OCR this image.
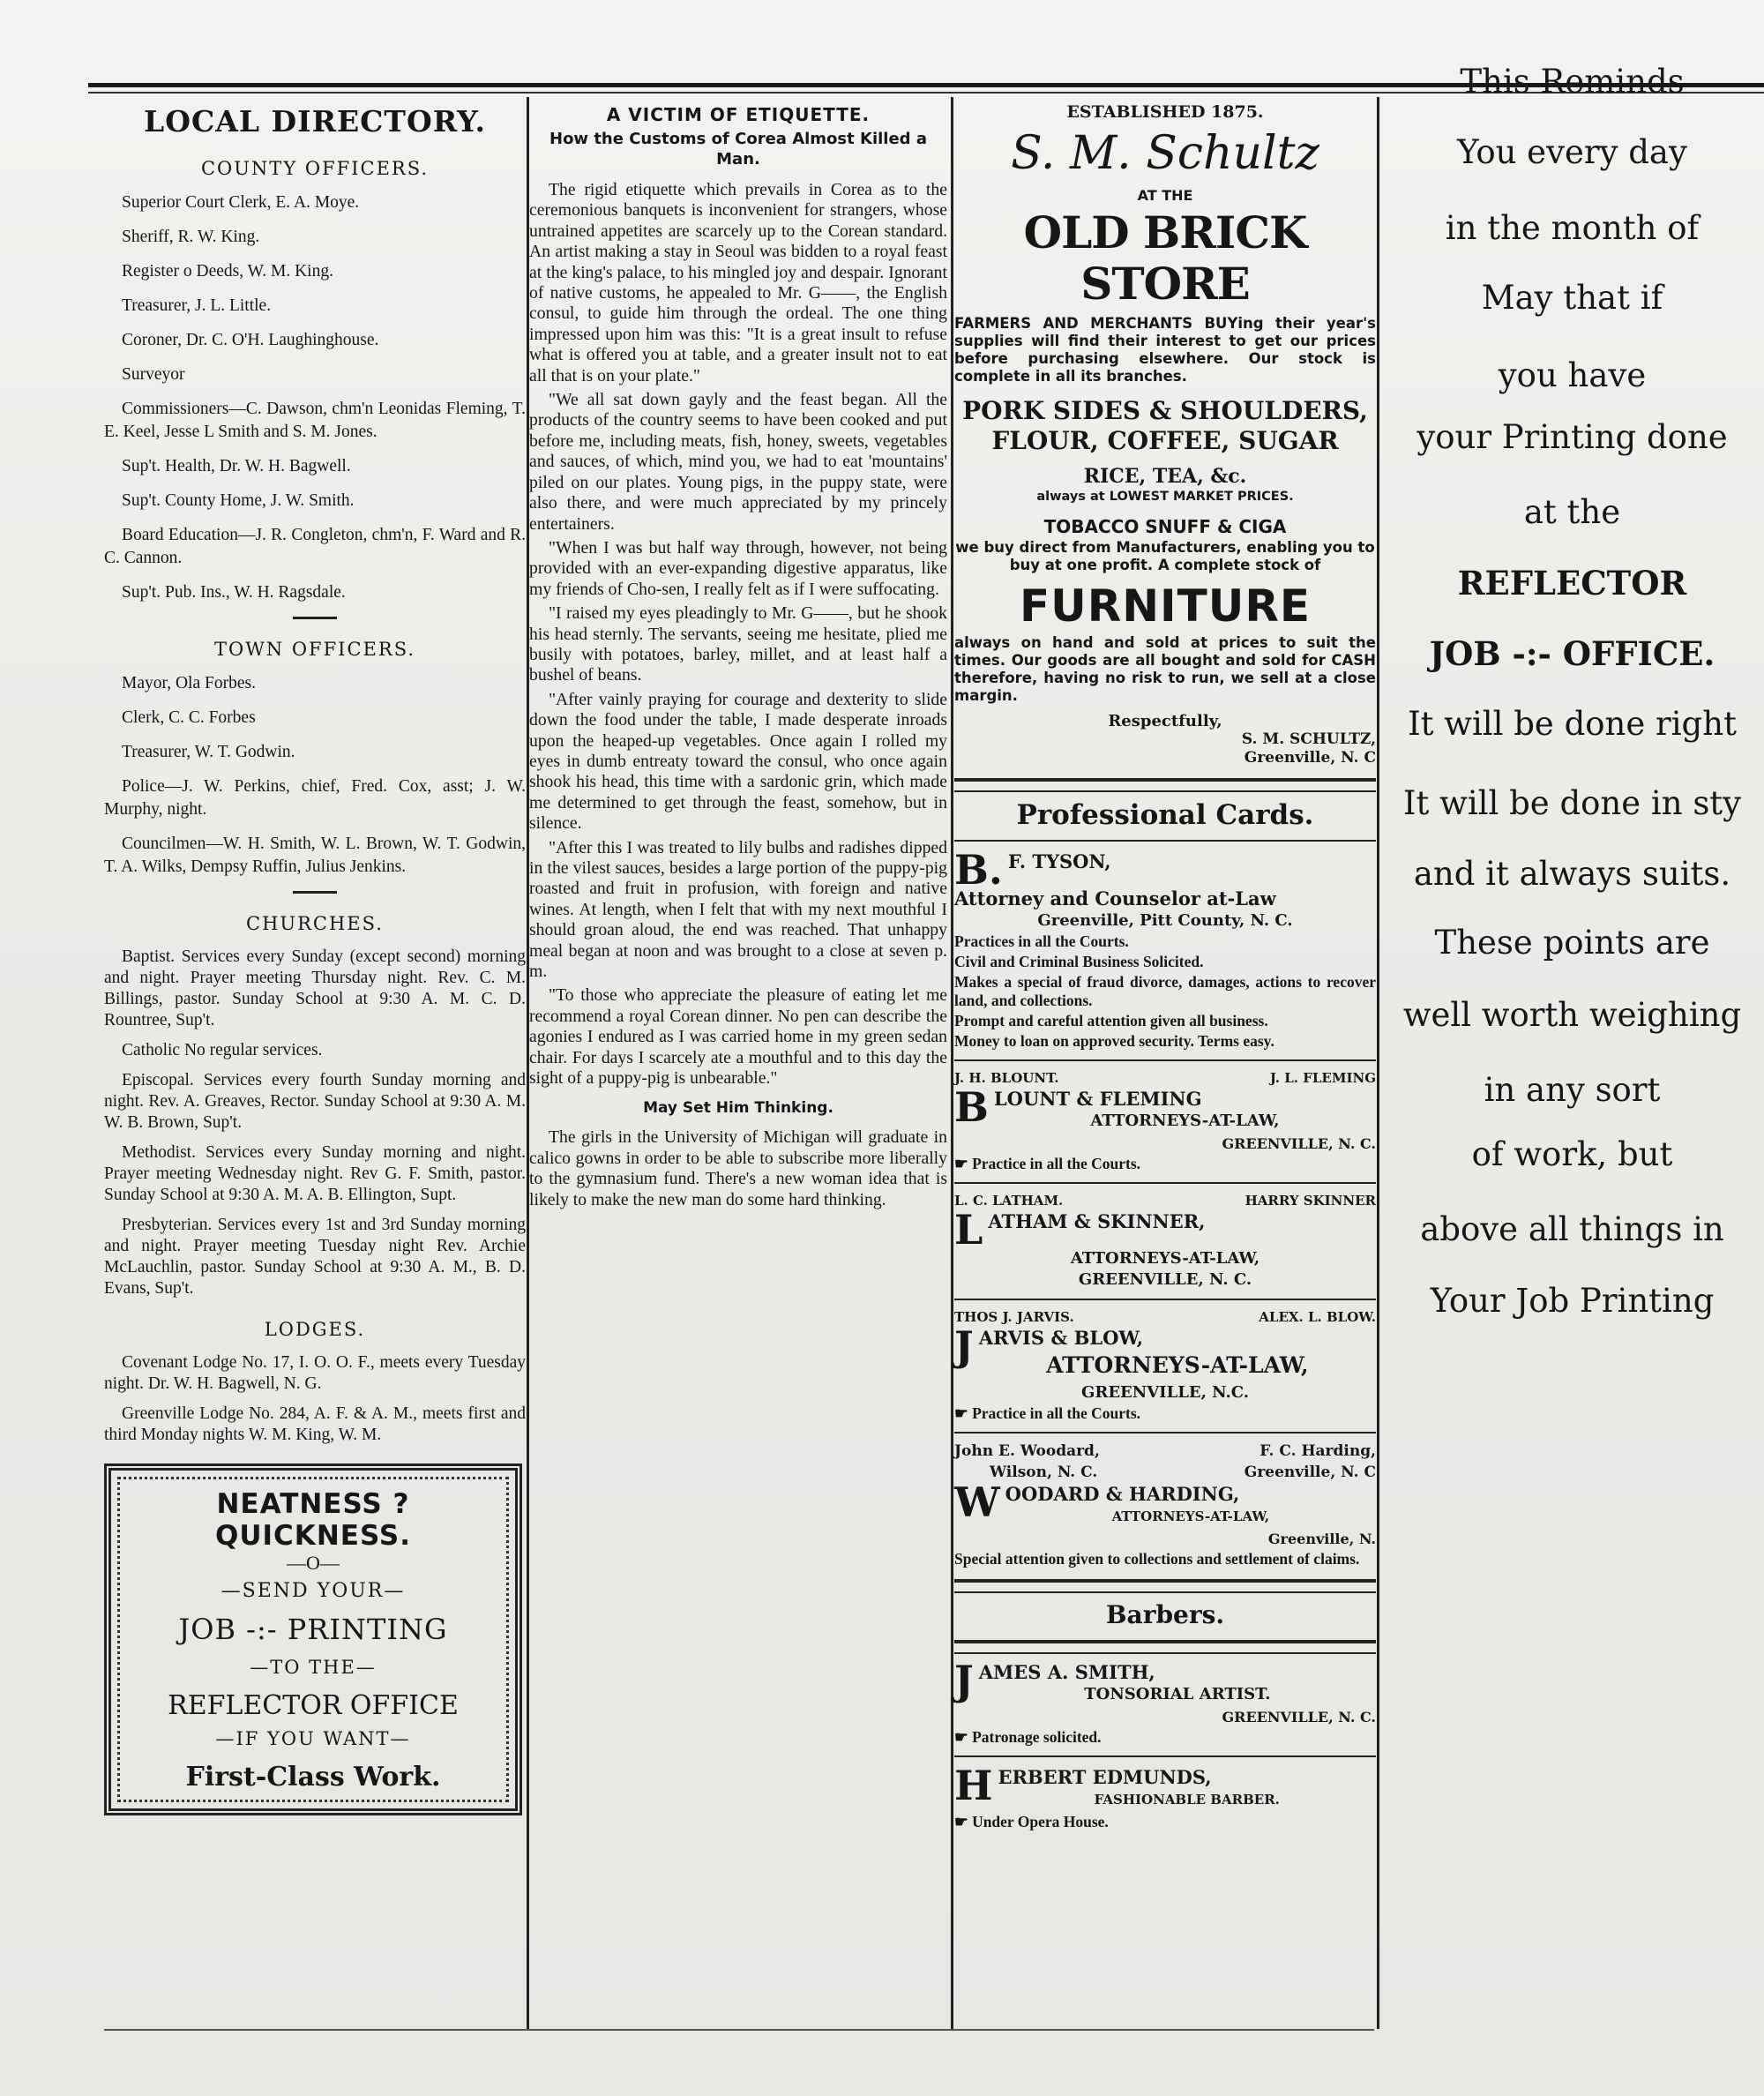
LOCAL DIRECTORY.
COUNTY OFFICERS.
Superior Court Clerk, E. A. Moye.
Sheriff, R. W. King.
Register o Deeds, W. M. King.
Treasurer, J. L. Little.
Coroner, Dr. C. O'H. Laughinghouse.
Surveyor
Commissioners—C. Dawson, chm'n Leonidas Fleming, T. E. Keel, Jesse L Smith and S. M. Jones.
Sup't. Health, Dr. W. H. Bagwell.
Sup't. County Home, J. W. Smith.
Board Education—J. R. Congleton, chm'n, F. Ward and R. C. Cannon.
Sup't. Pub. Ins., W. H. Ragsdale.
TOWN OFFICERS.
Mayor, Ola Forbes.
Clerk, C. C. Forbes
Treasurer, W. T. Godwin.
Police—J. W. Perkins, chief, Fred. Cox, asst; J. W. Murphy, night.
Councilmen—W. H. Smith, W. L. Brown, W. T. Godwin, T. A. Wilks, Dempsy Ruffin, Julius Jenkins.
CHURCHES.
Baptist. Services every Sunday (except second) morning and night. Prayer meeting Thursday night. Rev. C. M. Billings, pastor. Sunday School at 9:30 A. M. C. D. Rountree, Sup't.
Catholic No regular services.
Episcopal. Services every fourth Sunday morning and night. Rev. A. Greaves, Rector. Sunday School at 9:30 A. M. W. B. Brown, Sup't.
Methodist. Services every Sunday morning and night. Prayer meeting Wednesday night. Rev G. F. Smith, pastor. Sunday School at 9:30 A. M. A. B. Ellington, Supt.
Presbyterian. Services every 1st and 3rd Sunday morning and night. Prayer meeting Tuesday night Rev. Archie McLauchlin, pastor. Sunday School at 9:30 A. M., B. D. Evans, Sup't.
LODGES.
Covenant Lodge No. 17, I. O. O. F., meets every Tuesday night. Dr. W. H. Bagwell, N. G.
Greenville Lodge No. 284, A. F. & A. M., meets first and third Monday nights W. M. King, W. M.
NEATNESS ? QUICKNESS.
—O—
—SEND YOUR—
JOB -:- PRINTING
—TO THE—
REFLECTOR OFFICE
—IF YOU WANT—
First-Class Work.
A VICTIM OF ETIQUETTE.
How the Customs of Corea Almost Killed a Man.
The rigid etiquette which prevails in Corea as to the ceremonious banquets is inconvenient for strangers, whose untrained appetites are scarcely up to the Corean standard. An artist making a stay in Seoul was bidden to a royal feast at the king's palace, to his mingled joy and despair. Ignorant of native customs, he appealed to Mr. G——, the English consul, to guide him through the ordeal. The one thing impressed upon him was this: "It is a great insult to refuse what is offered you at table, and a greater insult not to eat all that is on your plate."
"We all sat down gayly and the feast began. All the products of the country seems to have been cooked and put before me, including meats, fish, honey, sweets, vegetables and sauces, of which, mind you, we had to eat 'mountains' piled on our plates. Young pigs, in the puppy state, were also there, and were much appreciated by my princely entertainers.
"When I was but half way through, however, not being provided with an ever-expanding digestive apparatus, like my friends of Cho-sen, I really felt as if I were suffocating.
"I raised my eyes pleadingly to Mr. G——, but he shook his head sternly. The servants, seeing me hesitate, plied me busily with potatoes, barley, millet, and at least half a bushel of beans.
"After vainly praying for courage and dexterity to slide down the food under the table, I made desperate inroads upon the heaped-up vegetables. Once again I rolled my eyes in dumb entreaty toward the consul, who once again shook his head, this time with a sardonic grin, which made me determined to get through the feast, somehow, but in silence.
"After this I was treated to lily bulbs and radishes dipped in the vilest sauces, besides a large portion of the puppy-pig roasted and fruit in profusion, with foreign and native wines. At length, when I felt that with my next mouthful I should groan aloud, the end was reached. That unhappy meal began at noon and was brought to a close at seven p. m.
"To those who appreciate the pleasure of eating let me recommend a royal Corean dinner. No pen can describe the agonies I endured as I was carried home in my green sedan chair. For days I scarcely ate a mouthful and to this day the sight of a puppy-pig is unbearable."
May Set Him Thinking.
The girls in the University of Michigan will graduate in calico gowns in order to be able to subscribe more liberally to the gymnasium fund. There's a new woman idea that is likely to make the new man do some hard thinking.
ESTABLISHED 1875.
S. M. Schultz
AT THE
OLD BRICK STORE
FARMERS AND MERCHANTS BUYing their year's supplies will find their interest to get our prices before purchasing elsewhere. Our stock is complete in all its branches.
PORK SIDES & SHOULDERS, FLOUR, COFFEE, SUGAR
RICE, TEA, &c.
always at LOWEST MARKET PRICES.
TOBACCO SNUFF & CIGA
we buy direct from Manufacturers, enabling you to buy at one profit. A complete stock of
FURNITURE
always on hand and sold at prices to suit the times. Our goods are all bought and sold for CASH therefore, having no risk to run, we sell at a close margin.
Respectfully,
S. M. SCHULTZ,
Greenville, N. C
Professional Cards.
B. F. TYSON,
Attorney and Counselor at-Law
Greenville, Pitt County, N. C.
Practices in all the Courts.
Civil and Criminal Business Solicited.
Makes a special of fraud divorce, damages, actions to recover land, and collections.
Prompt and careful attention given all business.
Money to loan on approved security. Terms easy.
J. H. BLOUNT.	J. L. FLEMING
B LOUNT & FLEMING
ATTORNEYS-AT-LAW,
GREENVILLE, N. C.
☛ Practice in all the Courts.
L. C. LATHAM.	HARRY SKINNER
L ATHAM & SKINNER,
ATTORNEYS-AT-LAW,
GREENVILLE, N. C.
THOS J. JARVIS.	ALEX. L. BLOW.
J ARVIS & BLOW,
ATTORNEYS-AT-LAW,
GREENVILLE, N.C.
☛ Practice in all the Courts.
John E. Woodard,	F. C. Harding,
Wilson, N. C.	Greenville, N. C
W OODARD & HARDING,
ATTORNEYS-AT-LAW,
Greenville, N.
Special attention given to collections and settlement of claims.
Barbers.
J AMES A. SMITH,
TONSORIAL ARTIST.
GREENVILLE, N. C.
☛ Patronage solicited.
H ERBERT EDMUNDS,
FASHIONABLE BARBER.
☛ Under Opera House.
This Reminds
You every day
in the month of
May that if
you have
your Printing done
at the
REFLECTOR
JOB -:- OFFICE.
It will be done right
It will be done in sty
and it always suits.
These points are
well worth weighing
in any sort
of work, but
above all things in
Your Job Printing
